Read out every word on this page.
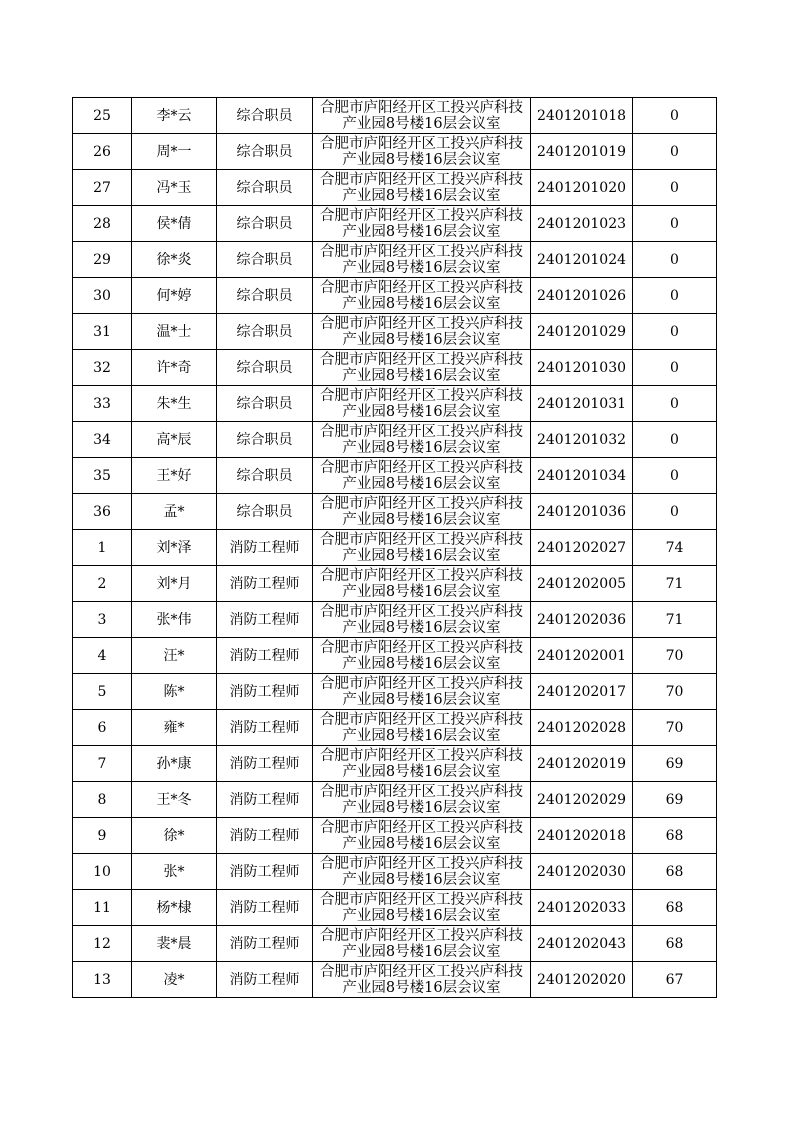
25	李*云	综合职员	合肥市庐阳经开区工投兴庐科技
产业园8号楼16层会议室	2401201018	0
26	周*一	综合职员	合肥市庐阳经开区工投兴庐科技
产业园8号楼16层会议室	2401201019	0
27	冯*玉	综合职员	合肥市庐阳经开区工投兴庐科技
产业园8号楼16层会议室	2401201020	0
28	侯*倩	综合职员	合肥市庐阳经开区工投兴庐科技
产业园8号楼16层会议室	2401201023	0
29	徐*炎	综合职员	合肥市庐阳经开区工投兴庐科技
产业园8号楼16层会议室	2401201024	0
30	何*婷	综合职员	合肥市庐阳经开区工投兴庐科技
产业园8号楼16层会议室	2401201026	0
31	温*士	综合职员	合肥市庐阳经开区工投兴庐科技
产业园8号楼16层会议室	2401201029	0
32	许*奇	综合职员	合肥市庐阳经开区工投兴庐科技
产业园8号楼16层会议室	2401201030	0
33	朱*生	综合职员	合肥市庐阳经开区工投兴庐科技
产业园8号楼16层会议室	2401201031	0
34	高*辰	综合职员	合肥市庐阳经开区工投兴庐科技
产业园8号楼16层会议室	2401201032	0
35	王*好	综合职员	合肥市庐阳经开区工投兴庐科技
产业园8号楼16层会议室	2401201034	0
36	孟*	综合职员	合肥市庐阳经开区工投兴庐科技
产业园8号楼16层会议室	2401201036	0
1	刘*泽	消防工程师	合肥市庐阳经开区工投兴庐科技
产业园8号楼16层会议室	2401202027	74
2	刘*月	消防工程师	合肥市庐阳经开区工投兴庐科技
产业园8号楼16层会议室	2401202005	71
3	张*伟	消防工程师	合肥市庐阳经开区工投兴庐科技
产业园8号楼16层会议室	2401202036	71
4	汪*	消防工程师	合肥市庐阳经开区工投兴庐科技
产业园8号楼16层会议室	2401202001	70
5	陈*	消防工程师	合肥市庐阳经开区工投兴庐科技
产业园8号楼16层会议室	2401202017	70
6	雍*	消防工程师	合肥市庐阳经开区工投兴庐科技
产业园8号楼16层会议室	2401202028	70
7	孙*康	消防工程师	合肥市庐阳经开区工投兴庐科技
产业园8号楼16层会议室	2401202019	69
8	王*冬	消防工程师	合肥市庐阳经开区工投兴庐科技
产业园8号楼16层会议室	2401202029	69
9	徐*	消防工程师	合肥市庐阳经开区工投兴庐科技
产业园8号楼16层会议室	2401202018	68
10	张*	消防工程师	合肥市庐阳经开区工投兴庐科技
产业园8号楼16层会议室	2401202030	68
11	杨*棣	消防工程师	合肥市庐阳经开区工投兴庐科技
产业园8号楼16层会议室	2401202033	68
12	裴*晨	消防工程师	合肥市庐阳经开区工投兴庐科技
产业园8号楼16层会议室	2401202043	68
13	凌*	消防工程师	合肥市庐阳经开区工投兴庐科技
产业园8号楼16层会议室	2401202020	67
